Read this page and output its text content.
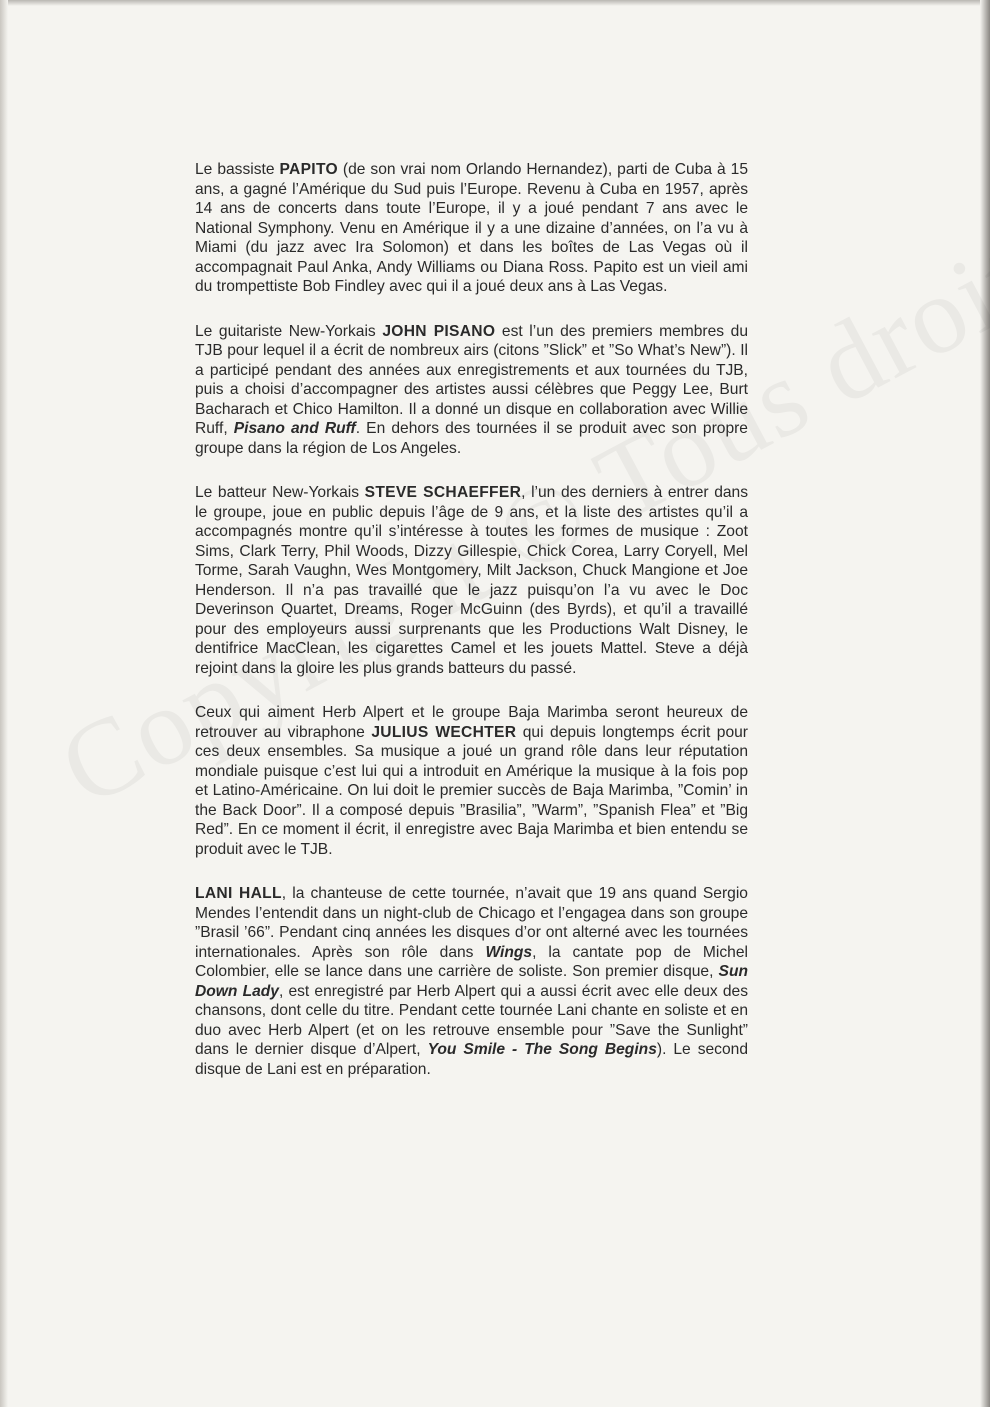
Le bassiste PAPITO (de son vrai nom Orlando Hernandez), parti de Cuba à 15 ans, a gagné l’Amérique du Sud puis l’Europe. Revenu à Cuba en 1957, après 14 ans de concerts dans toute l’Europe, il y a joué pendant 7 ans avec le National Symphony. Venu en Amérique il y a une dizaine d’années, on l’a vu à Miami (du jazz avec Ira Solomon) et dans les boîtes de Las Vegas où il accompagnait Paul Anka, Andy Williams ou Diana Ross. Papito est un vieil ami du trompettiste Bob Findley avec qui il a joué deux ans à Las Vegas.

Le guitariste New-Yorkais JOHN PISANO est l’un des premiers membres du TJB pour lequel il a écrit de nombreux airs (citons ”Slick” et ”So What’s New”). Il a participé pendant des années aux enregistrements et aux tournées du TJB, puis a choisi d’accompagner des artistes aussi célèbres que Peggy Lee, Burt Bacharach et Chico Hamilton. Il a donné un disque en collaboration avec Willie Ruff, Pisano and Ruff. En dehors des tournées il se produit avec son propre groupe dans la région de Los Angeles.

Le batteur New-Yorkais STEVE SCHAEFFER, l’un des derniers à entrer dans le groupe, joue en public depuis l’âge de 9 ans, et la liste des artistes qu’il a accompagnés montre qu’il s’intéresse à toutes les formes de musique : Zoot Sims, Clark Terry, Phil Woods, Dizzy Gillespie, Chick Corea, Larry Coryell, Mel Torme, Sarah Vaughn, Wes Montgomery, Milt Jackson, Chuck Mangione et Joe Henderson. Il n’a pas travaillé que le jazz puisqu’on l’a vu avec le Doc Deverinson Quartet, Dreams, Roger McGuinn (des Byrds), et qu’il a travaillé pour des employeurs aussi surprenants que les Productions Walt Disney, le dentifrice MacClean, les cigarettes Camel et les jouets Mattel. Steve a déjà rejoint dans la gloire les plus grands batteurs du passé.

Ceux qui aiment Herb Alpert et le groupe Baja Marimba seront heureux de retrouver au vibraphone JULIUS WECHTER qui depuis longtemps écrit pour ces deux ensembles. Sa musique a joué un grand rôle dans leur réputation mondiale puisque c’est lui qui a introduit en Amérique la musique à la fois pop et Latino-Américaine. On lui doit le premier succès de Baja Marimba, ”Comin’ in the Back Door”. Il a composé depuis ”Brasilia”, ”Warm”, ”Spanish Flea” et ”Big Red”. En ce moment il écrit, il enregistre avec Baja Marimba et bien entendu se produit avec le TJB.

LANI HALL, la chanteuse de cette tournée, n’avait que 19 ans quand Sergio Mendes l’entendit dans un night-club de Chicago et l’engagea dans son groupe ”Brasil ’66”. Pendant cinq années les disques d’or ont alterné avec les tournées internationales. Après son rôle dans Wings, la cantate pop de Michel Colombier, elle se lance dans une carrière de soliste. Son premier disque, Sun Down Lady, est enregistré par Herb Alpert qui a aussi écrit avec elle deux des chansons, dont celle du titre. Pendant cette tournée Lani chante en soliste et en duo avec Herb Alpert (et on les retrouve ensemble pour ”Save the Sunlight” dans le dernier disque d’Alpert, You Smile - The Song Begins). Le second disque de Lani est en préparation.
